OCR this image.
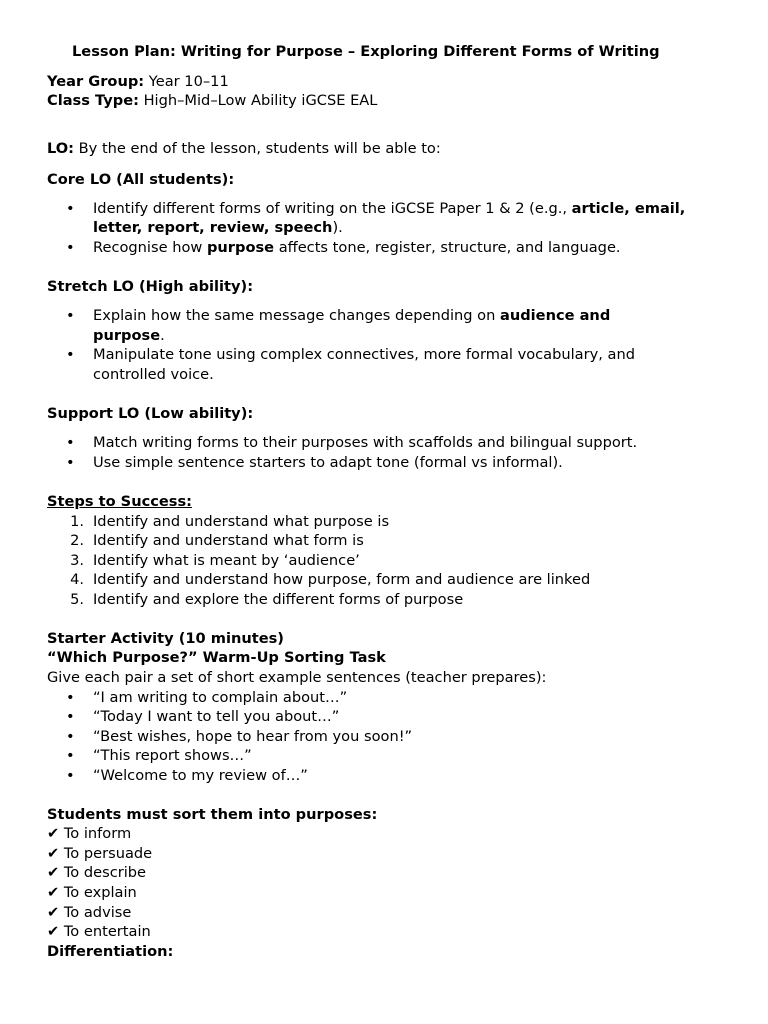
Lesson Plan: Writing for Purpose – Exploring Different Forms of Writing
Year Group: Year 10–11
Class Type: High–Mid–Low Ability iGCSE EAL
LO: By the end of the lesson, students will be able to:
Core LO (All students):
• Identify different forms of writing on the iGCSE Paper 1 & 2 (e.g., article, email,
letter, report, review, speech).
• Recognise how purpose affects tone, register, structure, and language.
Stretch LO (High ability):
• Explain how the same message changes depending on audience and
purpose.
• Manipulate tone using complex connectives, more formal vocabulary, and
controlled voice.
Support LO (Low ability):
• Match writing forms to their purposes with scaffolds and bilingual support.
• Use simple sentence starters to adapt tone (formal vs informal).
Steps to Success:
1. Identify and understand what purpose is
2. Identify and understand what form is
3. Identify what is meant by ‘audience’
4. Identify and understand how purpose, form and audience are linked
5. Identify and explore the different forms of purpose
Starter Activity (10 minutes)
“Which Purpose?” Warm-Up Sorting Task
Give each pair a set of short example sentences (teacher prepares):
• “I am writing to complain about…”
• “Today I want to tell you about…”
• “Best wishes, hope to hear from you soon!”
• “This report shows…”
• “Welcome to my review of…”
Students must sort them into purposes:
✔ To inform
✔ To persuade
✔ To describe
✔ To explain
✔ To advise
✔ To entertain
Differentiation:
